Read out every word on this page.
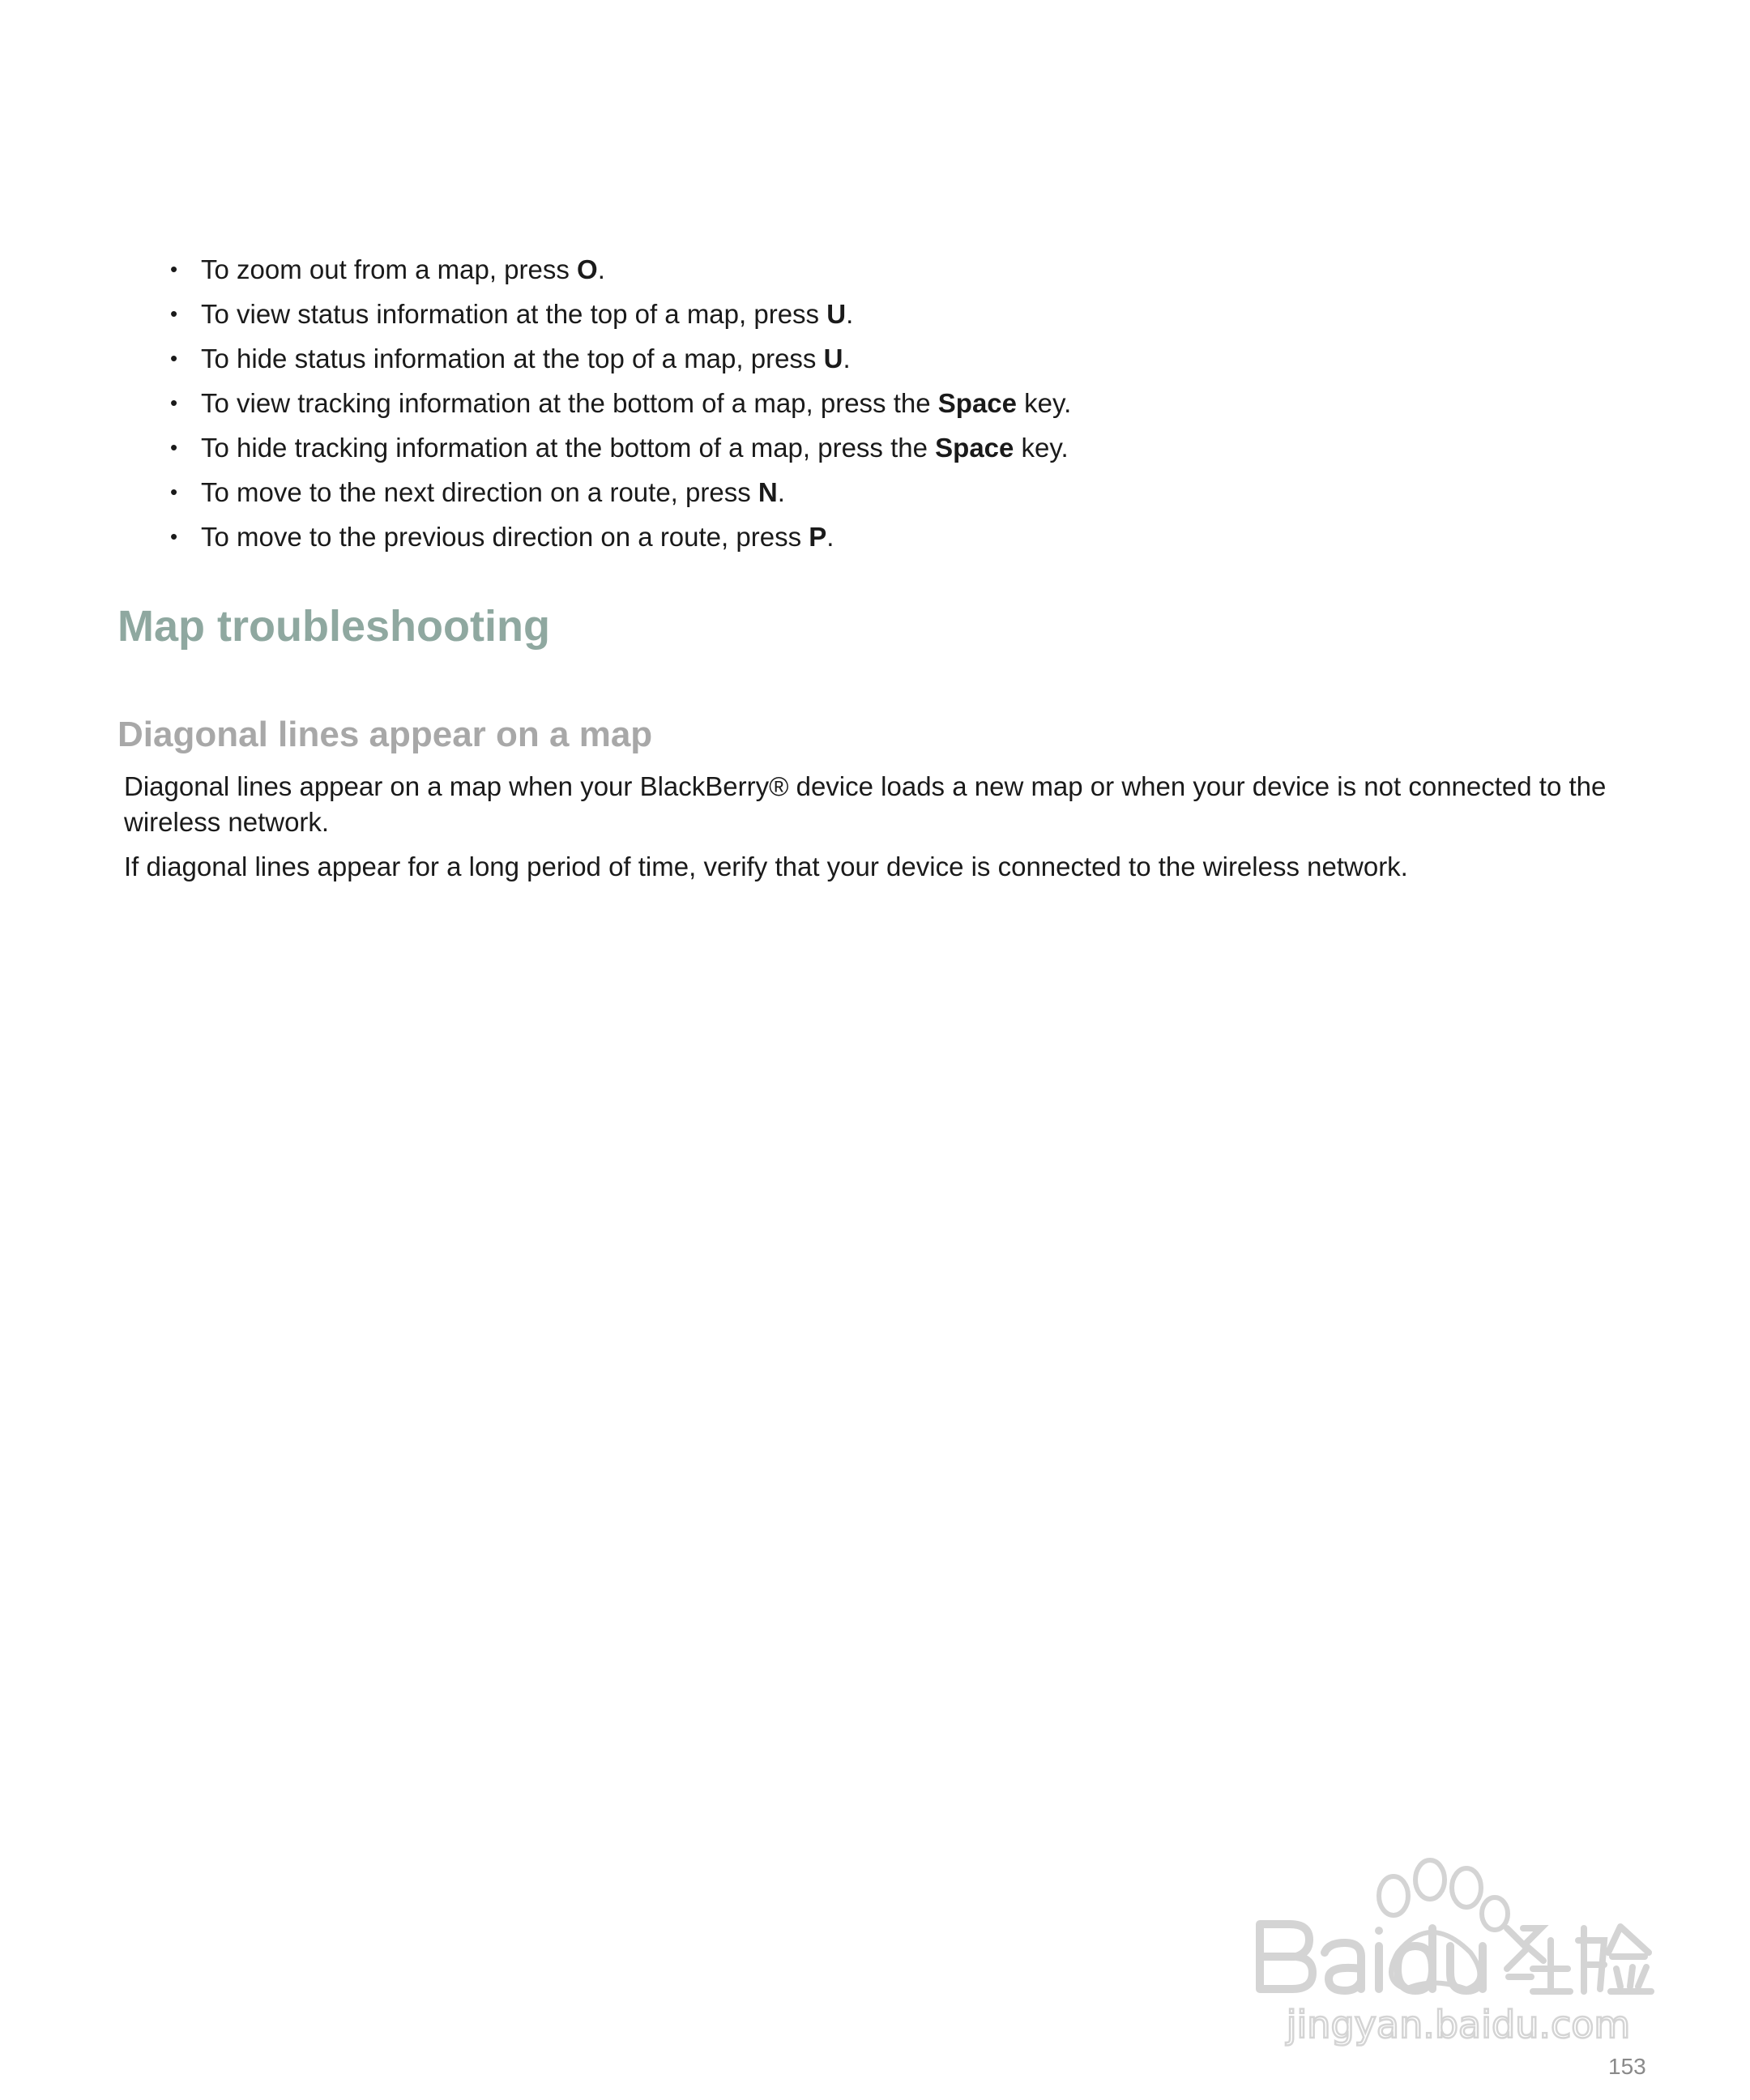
• To zoom out from a map, press O.
• To view status information at the top of a map, press U.
• To hide status information at the top of a map, press U.
• To view tracking information at the bottom of a map, press the Space key.
• To hide tracking information at the bottom of a map, press the Space key.
• To move to the next direction on a route, press N.
• To move to the previous direction on a route, press P.
Map troubleshooting
Diagonal lines appear on a map

Diagonal lines appear on a map when your BlackBerry® device loads a new map or when your device is not connected to the wireless network.

If diagonal lines appear for a long period of time, verify that your device is connected to the wireless network.

jingyan.baidu.com
153
